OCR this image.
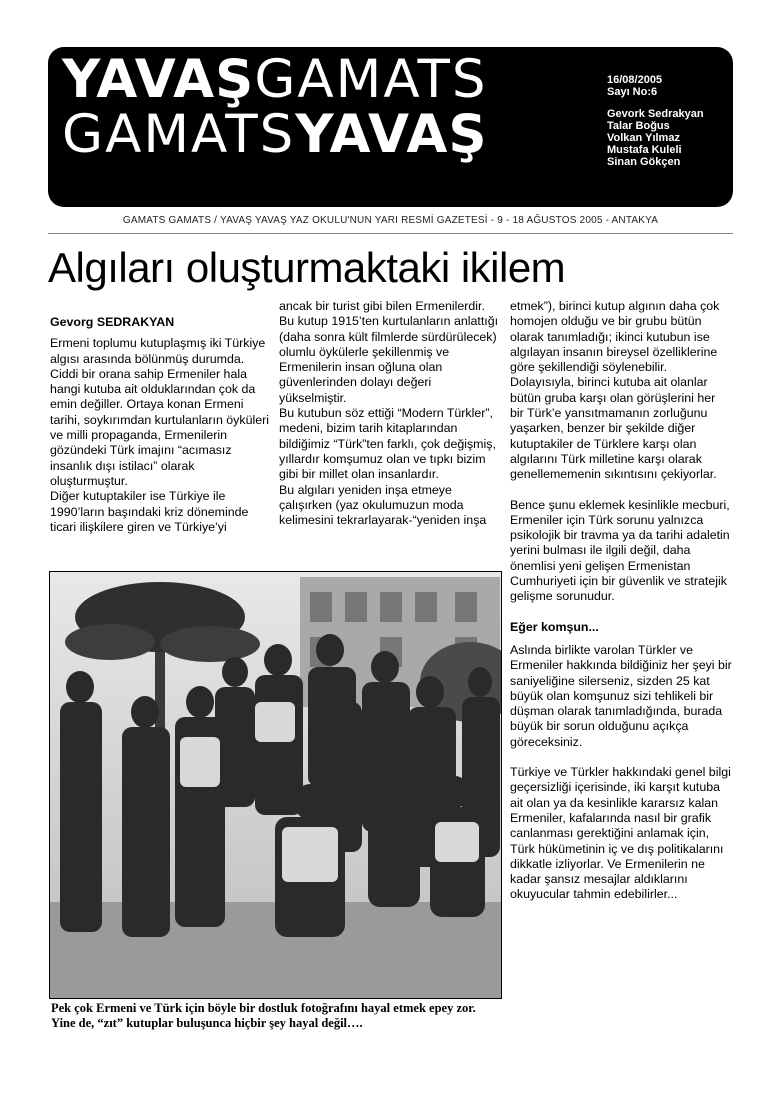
YAVAŞGAMATS
GAMATSYAVAŞ
16/08/2005
Sayı No:6
Gevork Sedrakyan
Talar Boğus
Volkan Yılmaz
Mustafa Kuleli
Sinan Gökçen
GAMATS GAMATS / YAVAŞ YAVAŞ YAZ OKULU'NUN YARI RESMİ GAZETESİ - 9 - 18 AĞUSTOS 2005 - ANTAKYA
Algıları oluşturmaktaki ikilem

Gevorg SEDRAKYAN

Ermeni toplumu kutuplaşmış iki Türkiye algısı arasında bölünmüş durumda. Ciddi bir orana sahip Ermeniler hala hangi kutuba ait olduklarından çok da emin değiller. Ortaya konan Ermeni tarihi, soykırımdan kurtulanların öyküleri ve milli propaganda, Ermenilerin gözündeki Türk imajını “acımasız insanlık dışı istilacı” olarak oluşturmuştur.

Diğer kutuptakiler ise Türkiye ile 1990’ların başındaki kriz döneminde ticari ilişkilere giren ve Türkiye’yi

ancak bir turist gibi bilen Ermenilerdir. Bu kutup 1915’ten kurtulanların anlattığı (daha sonra kült filmlerde sürdürülecek) olumlu öykülerle şekillenmiş ve Ermenilerin insan oğluna olan güvenlerinden dolayı değeri yükselmiştir.

Bu kutubun söz ettiği “Modern Türkler”, medeni, bizim tarih kitaplarından bildiğimiz “Türk”ten farklı, çok değişmiş, yıllardır komşumuz olan ve tıpkı bizim gibi bir millet olan insanlardır.

Bu algıları yeniden inşa etmeye çalışırken (yaz okulumuzun moda kelimesini tekrarlayarak-“yeniden inşa

etmek”), birinci kutup algının daha çok homojen olduğu ve bir grubu bütün olarak tanımladığı; ikinci kutubun ise algılayan insanın bireysel özelliklerine göre şekillendiği söylenebilir.

Dolayısıyla, birinci kutuba ait olanlar bütün gruba karşı olan görüşlerini her bir Türk’e yansıtmamanın zorluğunu yaşarken, benzer bir şekilde diğer kutuptakiler de Türklere karşı olan algılarını Türk milletine karşı olarak genellememenin sıkıntısını çekiyorlar.

Bence şunu eklemek kesinlikle mecburi, Ermeniler için Türk sorunu yalnızca psikolojik bir travma ya da tarihi adaletin yerini bulması ile ilgili değil, daha önemlisi yeni gelişen Ermenistan Cumhuriyeti için bir güvenlik ve stratejik gelişme sorunudur.

Eğer komşun...

Aslında birlikte varolan Türkler ve Ermeniler hakkında bildiğiniz her şeyi bir saniyeliğine silerseniz, sizden 25 kat büyük olan komşunuz sizi tehlikeli bir düşman olarak tanımladığında, burada büyük bir sorun olduğunu açıkça göreceksiniz.

Türkiye ve Türkler hakkındaki genel bilgi geçersizliği içerisinde, iki karşıt kutuba ait olan ya da kesinlikle kararsız kalan Ermeniler, kafalarında nasıl bir grafik canlanması gerektiğini anlamak için, Türk hükümetinin iç ve dış politikalarını dikkatle izliyorlar. Ve Ermenilerin ne kadar şansız mesajlar aldıklarını okuyucular tahmin edebilirler...

Pek çok Ermeni ve Türk için böyle bir dostluk fotoğrafını hayal etmek epey zor.
Yine de, “zıt” kutuplar buluşunca hiçbir şey hayal değil….
